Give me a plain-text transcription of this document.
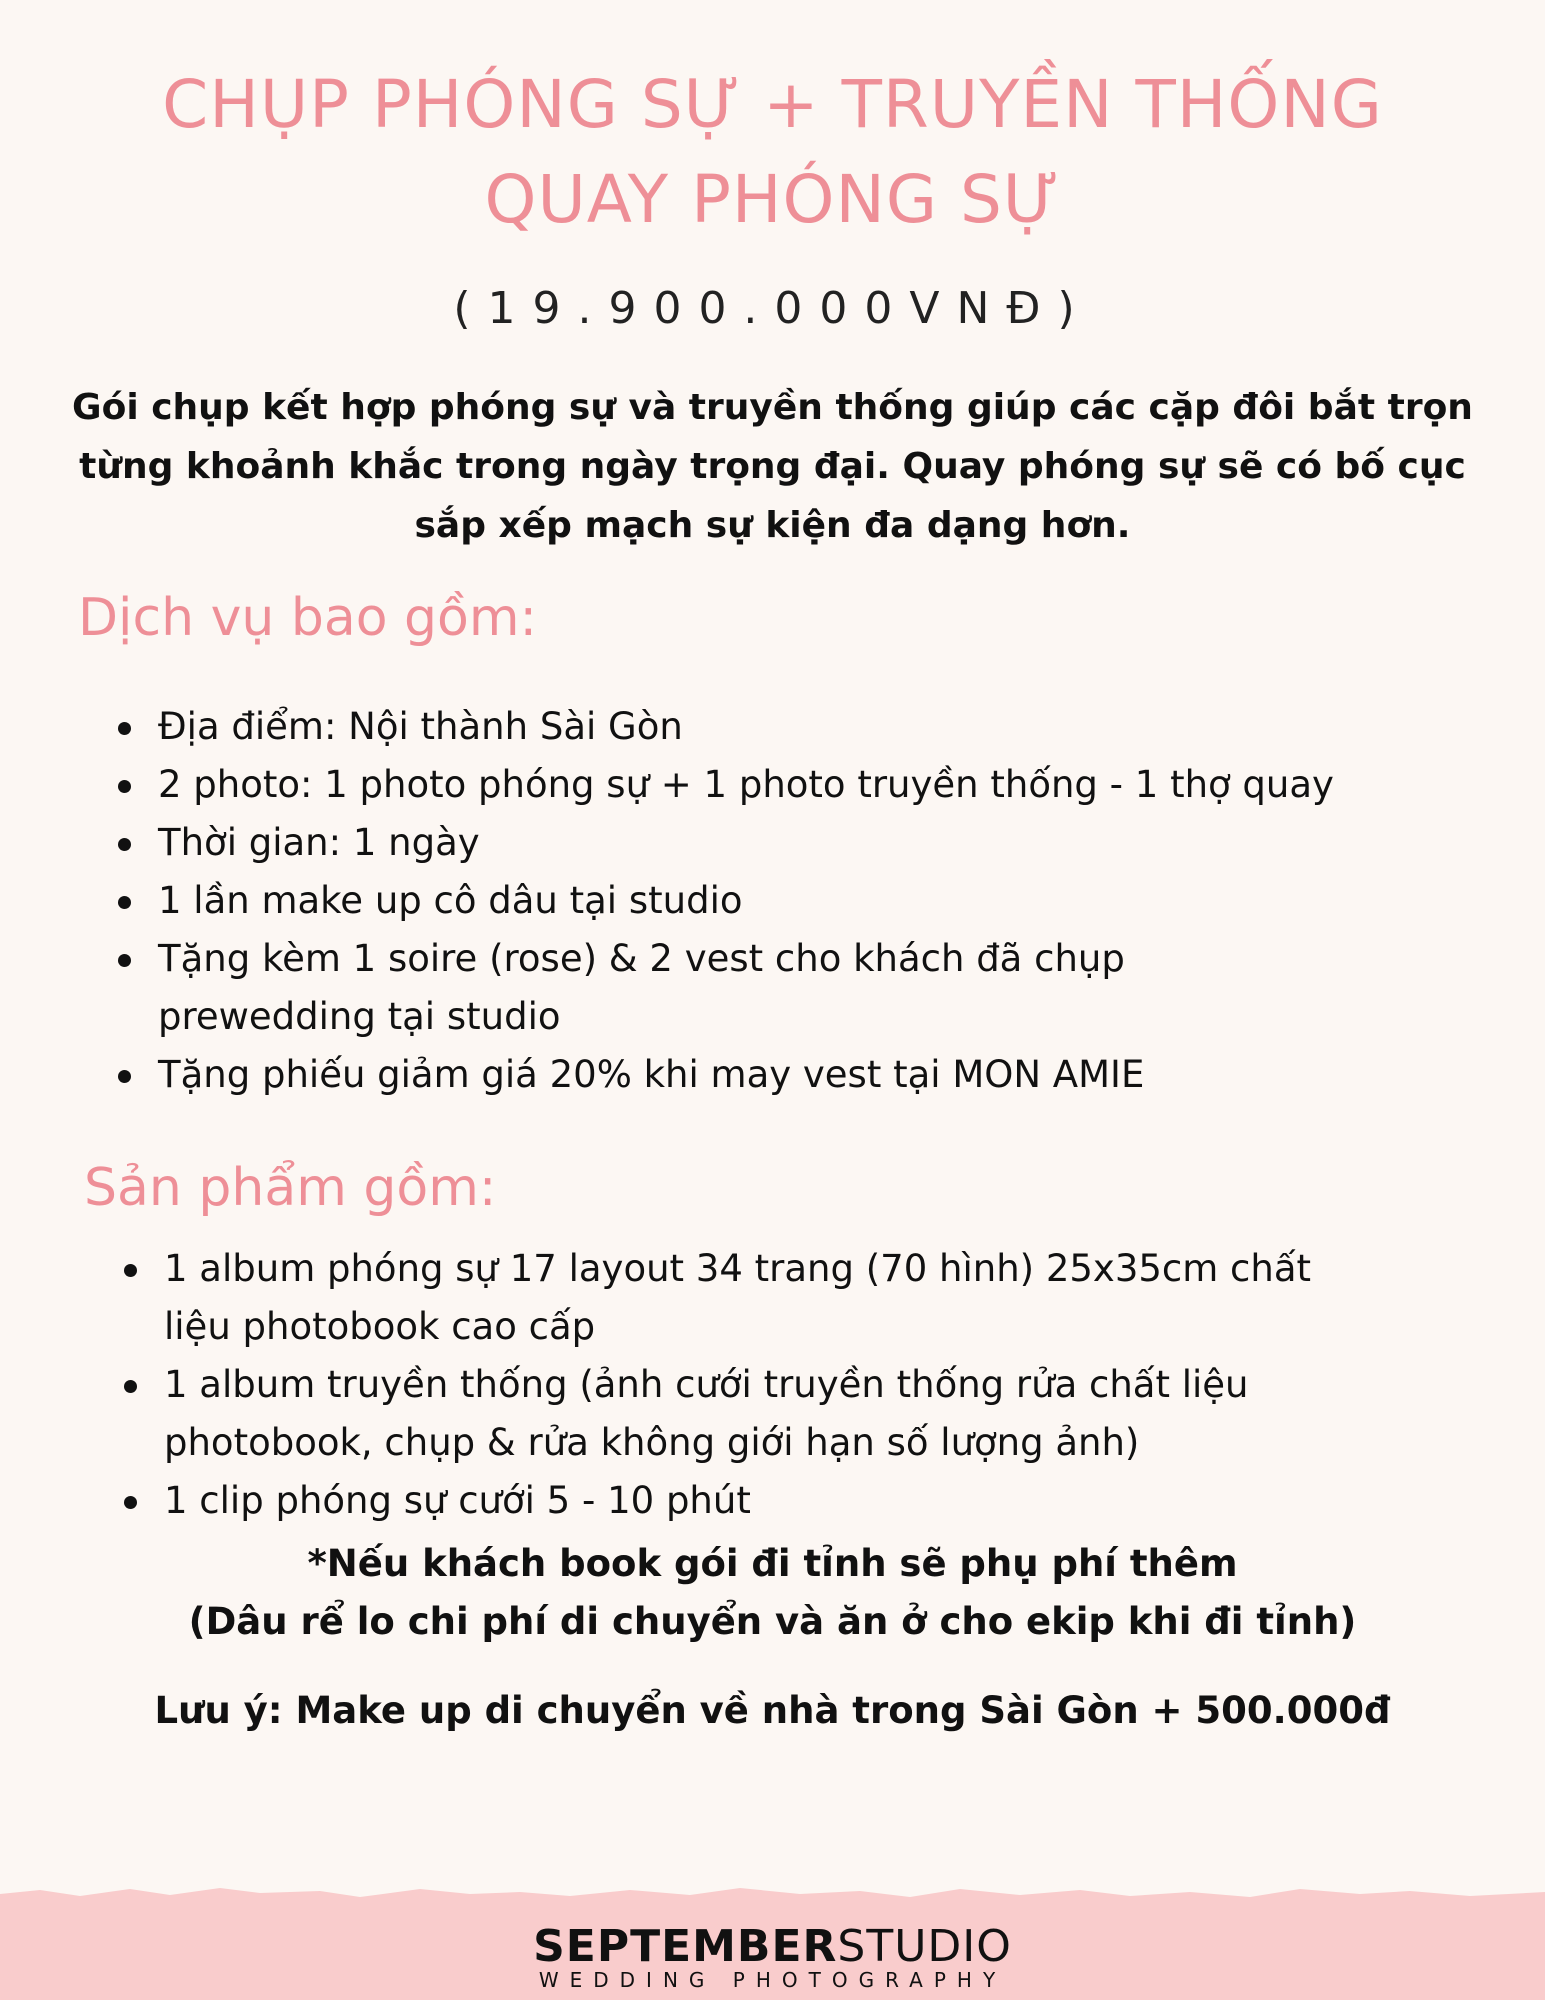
CHỤP PHÓNG SỰ + TRUYỀN THỐNG
QUAY PHÓNG SỰ
(19.900.000VNĐ)

Gói chụp kết hợp phóng sự và truyền thống giúp các cặp đôi bắt trọn từng khoảnh khắc trong ngày trọng đại. Quay phóng sự sẽ có bố cục sắp xếp mạch sự kiện đa dạng hơn.

Dịch vụ bao gồm:
Địa điểm: Nội thành Sài Gòn
2 photo: 1 photo phóng sự + 1 photo truyền thống - 1 thợ quay
Thời gian: 1 ngày
1 lần make up cô dâu tại studio
Tặng kèm 1 soire (rose) & 2 vest cho khách đã chụp prewedding tại studio
Tặng phiếu giảm giá 20% khi may vest tại MON AMIE
Sản phẩm gồm:
1 album phóng sự 17 layout 34 trang (70 hình) 25x35cm chất liệu photobook cao cấp
1 album truyền thống (ảnh cưới truyền thống rửa chất liệu photobook, chụp & rửa không giới hạn số lượng ảnh)
1 clip phóng sự cưới 5 - 10 phút
*Nếu khách book gói đi tỉnh sẽ phụ phí thêm
(Dâu rể lo chi phí di chuyển và ăn ở cho ekip khi đi tỉnh)
Lưu ý: Make up di chuyển về nhà trong Sài Gòn + 500.000đ
SEPTEMBERSTUDIO
WEDDING PHOTOGRAPHY
